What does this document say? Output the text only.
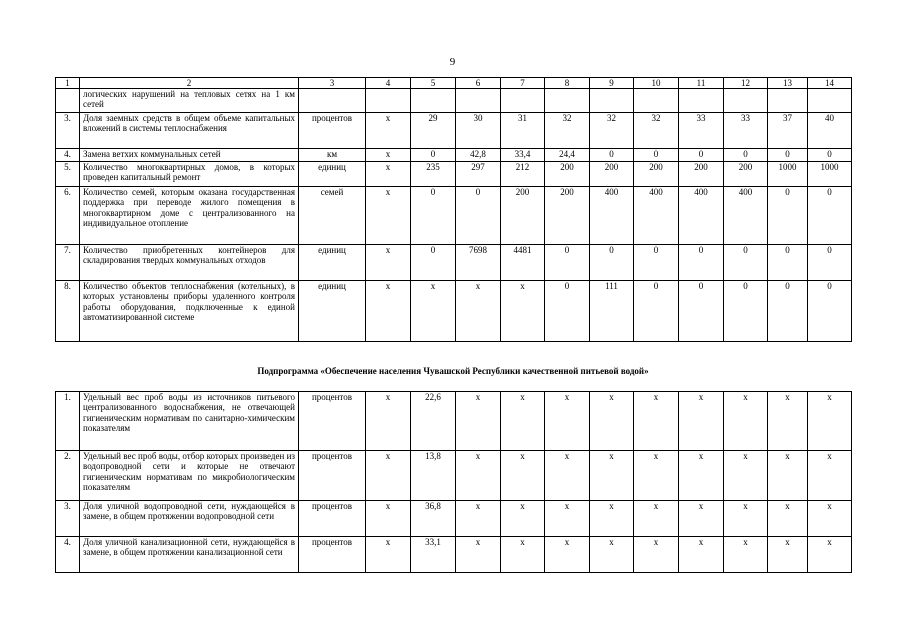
9
1	2	3	4	5	6	7	8	9	10	11	12	13	14
	логических нарушений на тепловых сетях на 1 км сетей												
3.	Доля заемных средств в общем объеме капитальных вложений в системы теплоснабжения	процентов	х	29	30	31	32	32	32	33	33	37	40
4.	Замена ветхих коммунальных сетей	км	х	0	42,8	33,4	24,4	0	0	0	0	0	0
5.	Количество многоквартирных домов, в которых проведен капитальный ремонт	единиц	х	235	297	212	200	200	200	200	200	1000	1000
6.	Количество семей, которым оказана государственная поддержка при переводе жилого помещения в многоквартирном доме с централизованного на индивидуальное отопление	семей	х	0	0	200	200	400	400	400	400	0	0
7.	Количество приобретенных контейнеров для складирования твердых коммунальных отходов	единиц	х	0	7698	4481	0	0	0	0	0	0	0
8.	Количество объектов теплоснабжения (котельных), в которых установлены приборы удаленного контроля работы оборудования, подключенные к единой автоматизированной системе	единиц	х	х	х	х	0	111	0	0	0	0	0
Подпрограмма «Обеспечение населения Чувашской Республики качественной питьевой водой»
1.	Удельный вес проб воды из источников питьевого централизованного водоснабжения, не отвечающей гигиеническим нормативам по санитарно-химическим показателям	процентов	х	22,6	х	х	х	х	х	х	х	х	х
2.	Удельный вес проб воды, отбор которых произведен из водопроводной сети и которые не отвечают гигиеническим нормативам по микробиологическим показателям	процентов	х	13,8	х	х	х	х	х	х	х	х	х
3.	Доля уличной водопроводной сети, нуждающейся в замене, в общем протяжении водопроводной сети	процентов	х	36,8	х	х	х	х	х	х	х	х	х
4.	Доля уличной канализационной сети, нуждающейся в замене, в общем протяжении канализационной сети	процентов	х	33,1	х	х	х	х	х	х	х	х	х
